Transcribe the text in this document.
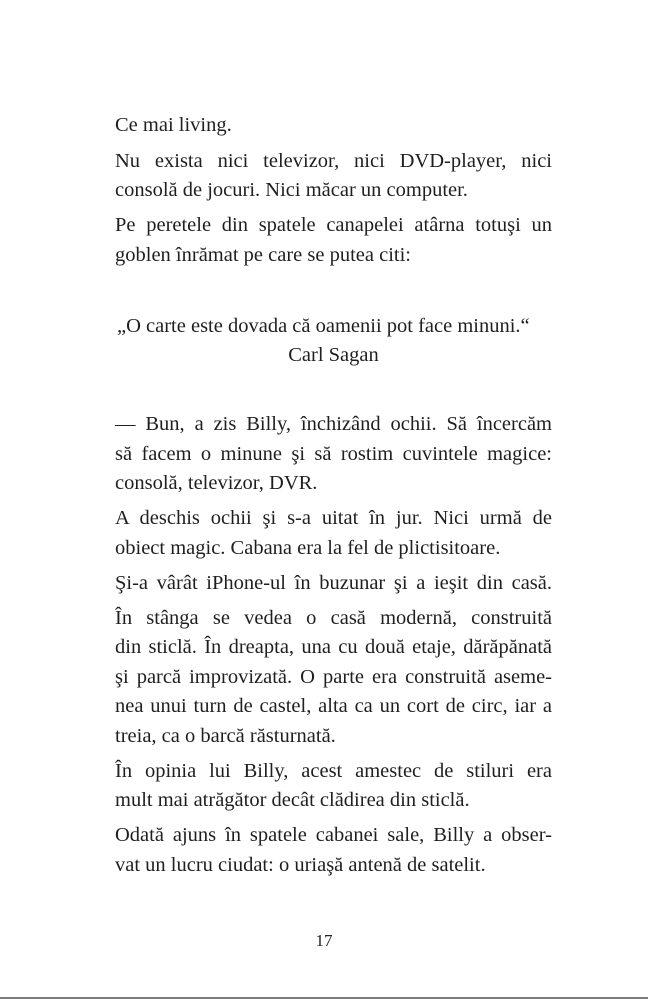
Ce mai living.
Nu exista nici televizor, nici DVD-player, nici
consolă de jocuri. Nici măcar un computer.
Pe peretele din spatele canapelei atârna totuşi un
goblen înrămat pe care se putea citi:
„O carte este dovada că oamenii pot face minuni.“
Carl Sagan
— Bun, a zis Billy, închizând ochii. Să încercăm
să facem o minune şi să rostim cuvintele magice:
consolă, televizor, DVR.
A deschis ochii şi s-a uitat în jur. Nici urmă de
obiect magic. Cabana era la fel de plictisitoare.
Şi-a vârât iPhone-ul în buzunar şi a ieşit din casă.
În stânga se vedea o casă modernă, construită
din sticlă. În dreapta, una cu două etaje, dărăpănată
şi parcă improvizată. O parte era construită aseme-
nea unui turn de castel, alta ca un cort de circ, iar a
treia, ca o barcă răsturnată.
În opinia lui Billy, acest amestec de stiluri era
mult mai atrăgător decât clădirea din sticlă.
Odată ajuns în spatele cabanei sale, Billy a obser-
vat un lucru ciudat: o uriaşă antenă de satelit.
17
